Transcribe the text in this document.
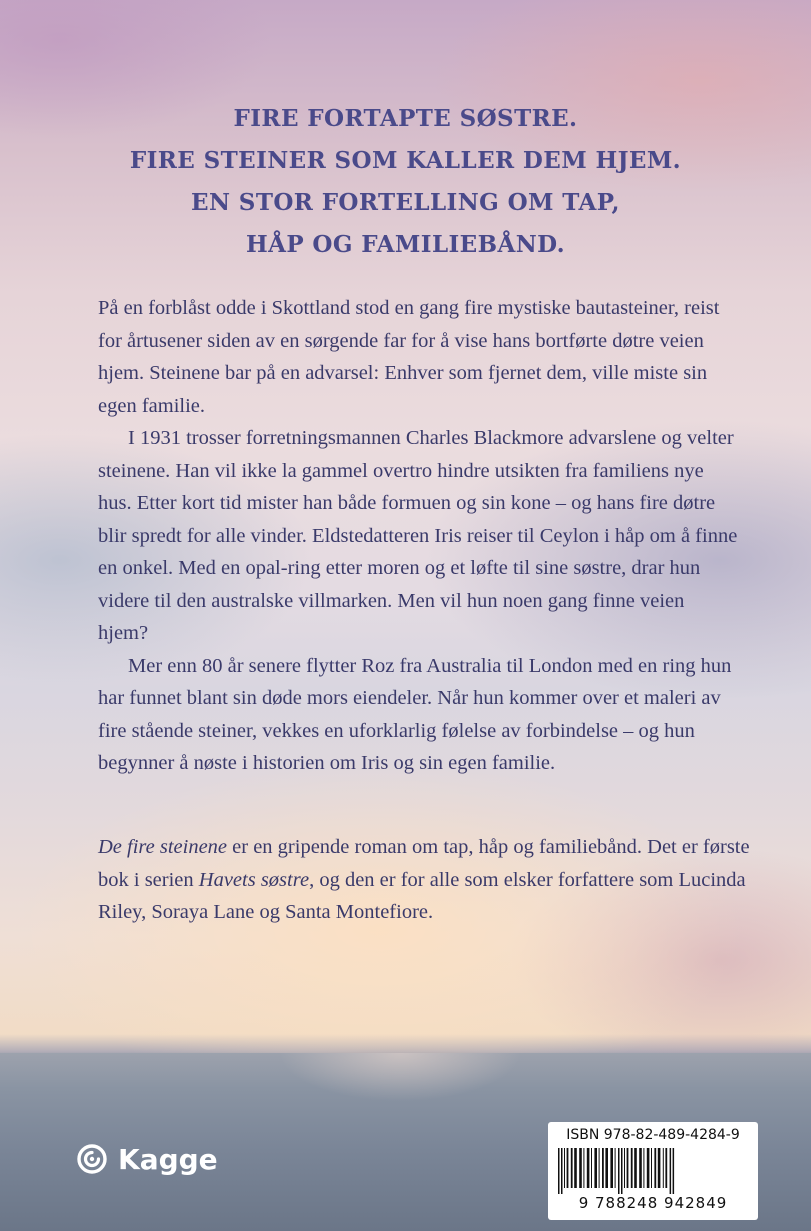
FIRE FORTAPTE SØSTRE.
FIRE STEINER SOM KALLER DEM HJEM.
EN STOR FORTELLING OM TAP,
HÅP OG FAMILIEBÅND.

På en forblåst odde i Skottland stod en gang fire mystiske bautasteiner, reist for årtusener siden av en sørgende far for å vise hans bortførte døtre veien hjem. Steinene bar på en advarsel: Enhver som fjernet dem, ville miste sin egen familie.

I 1931 trosser forretningsmannen Charles Blackmore advarslene og velter steinene. Han vil ikke la gammel overtro hindre utsikten fra familiens nye hus. Etter kort tid mister han både formuen og sin kone – og hans fire døtre blir spredt for alle vinder. Eldstedatteren Iris reiser til Ceylon i håp om å finne en onkel. Med en opal-ring etter moren og et løfte til sine søstre, drar hun videre til den australske villmarken. Men vil hun noen gang finne veien hjem?

Mer enn 80 år senere flytter Roz fra Australia til London med en ring hun har funnet blant sin døde mors eiendeler. Når hun kommer over et maleri av fire stående steiner, vekkes en uforklarlig følelse av forbindelse – og hun begynner å nøste i historien om Iris og sin egen familie.

De fire steinene er en gripende roman om tap, håp og familiebånd. Det er første bok i serien Havets søstre, og den er for alle som elsker forfattere som Lucinda Riley, Soraya Lane og Santa Montefiore.

Kagge
ISBN 978-82-489-4284-9
9 788248 942849
